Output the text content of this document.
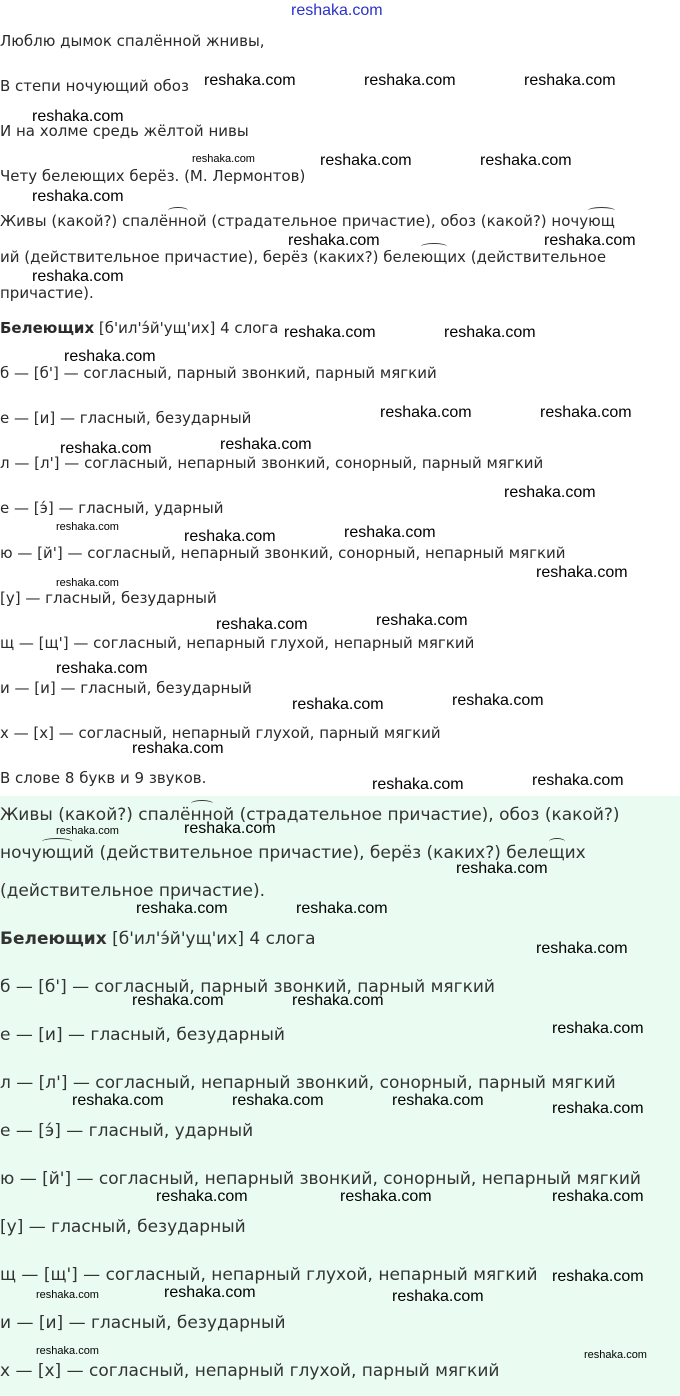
reshaka.com
Люблю дымок спалённой жнивы,
В степи ночующий обоз
И на холме средь жёлтой нивы
Чету белеющих берёз. (М. Лермонтов)
Живы (какой?) спалённой (страдательное причастие), обоз (какой?) ночующ
ий (действительное причастие), берёз (каких?) белеющих (действительное
причастие).
Белеющих [б'ил'э́й'ущ'их] 4 слога
б — [б'] — согласный, парный звонкий, парный мягкий
е — [и] — гласный, безударный
л — [л'] — согласный, непарный звонкий, сонорный, парный мягкий
е — [э́] — гласный, ударный
ю — [й'] — согласный, непарный звонкий, сонорный, непарный мягкий
[у] — гласный, безударный
щ — [щ'] — согласный, непарный глухой, непарный мягкий
и — [и] — гласный, безударный
х — [х] — согласный, непарный глухой, парный мягкий
В слове 8 букв и 9 звуков.
Живы (какой?) спалённой (страдательное причастие), обоз (какой?)
ночующий (действительное причастие), берёз (каких?) белещих
(действительное причастие).
Белеющих [б'ил'э́й'ущ'их] 4 слога
б — [б'] — согласный, парный звонкий, парный мягкий
е — [и] — гласный, безударный
л — [л'] — согласный, непарный звонкий, сонорный, парный мягкий
е — [э́] — гласный, ударный
ю — [й'] — согласный, непарный звонкий, сонорный, непарный мягкий
[у] — гласный, безударный
щ — [щ'] — согласный, непарный глухой, непарный мягкий
и — [и] — гласный, безударный
х — [х] — согласный, непарный глухой, парный мягкий
reshaka.com	reshaka.com	reshaka.com
reshaka.com
reshaka.com	reshaka.com	reshaka.com
reshaka.com
reshaka.com	reshaka.com
reshaka.com
reshaka.com	reshaka.com
reshaka.com
reshaka.com	reshaka.com
reshaka.com	reshaka.com
reshaka.com
reshaka.com
reshaka.com	reshaka.com
reshaka.com
reshaka.com
reshaka.com	reshaka.com
reshaka.com
reshaka.com	reshaka.com
reshaka.com
reshaka.com	reshaka.com
reshaka.com	reshaka.com
reshaka.com
reshaka.com	reshaka.com
reshaka.com
reshaka.com	reshaka.com
reshaka.com
reshaka.com	reshaka.com	reshaka.com	reshaka.com
reshaka.com	reshaka.com	reshaka.com
reshaka.com
reshaka.com	reshaka.com	reshaka.com
reshaka.com	reshaka.com
